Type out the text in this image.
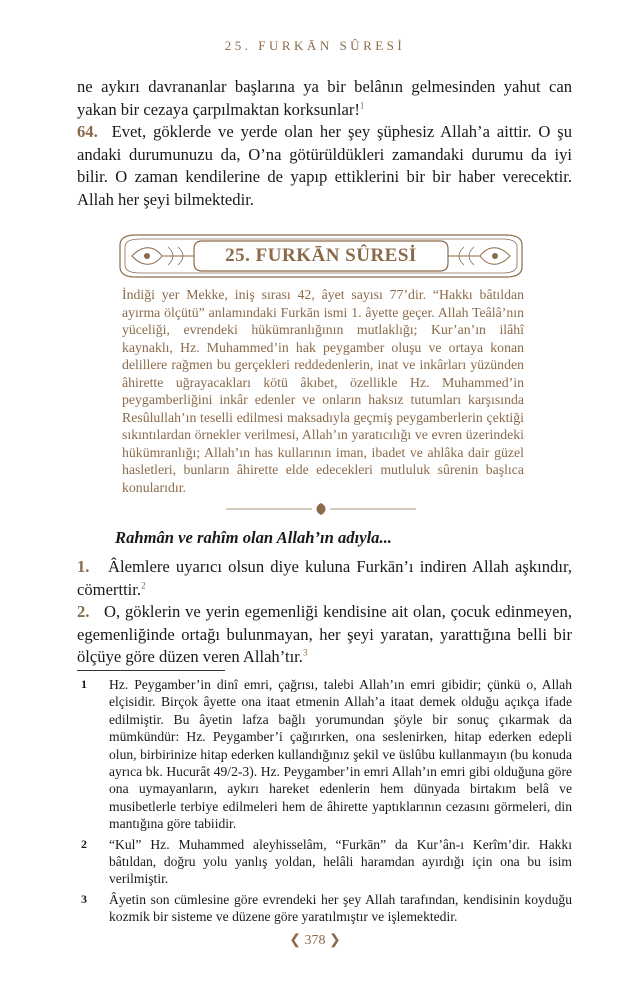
25. FURKĀN SÛRESİ

ne aykırı davrananlar başlarına ya bir belânın gelmesinden yahut can yakan bir cezaya çarpılmaktan korksunlar!$^1$

64. Evet, göklerde ve yerde olan her şey şüphesiz Allah’a aittir. O şu andaki durumunuzu da, O’na götürüldükleri zamandaki durumu da iyi bilir. O zaman kendilerine de yapıp ettiklerini bir bir haber verecektir. Allah her şeyi bilmektedir.

25. FURKĀN SÛRESİ

İndiği yer Mekke, iniş sırası 42, âyet sayısı 77’dir. “Hakkı bâtıldan ayırma ölçütü” anlamındaki Furkān ismi 1. âyette geçer. Allah Teâlâ’nın yüceliği, evrendeki hükümranlığının mutlaklığı; Kur’an’ın ilâhî kaynaklı, Hz. Muhammed’in hak peygamber oluşu ve ortaya konan delillere rağmen bu gerçekleri reddedenlerin, inat ve inkârları yüzünden âhirette uğrayacakları kötü âkıbet, özellikle Hz. Muhammed’in peygamberliğini inkâr edenler ve onların haksız tutumları karşısında Resûlullah’ın teselli edilmesi maksadıyla geçmiş peygamberlerin çektiği sıkıntılardan örnekler verilmesi, Allah’ın yaratıcılığı ve evren üzerindeki hükümranlığı; Allah’ın has kullarının iman, ibadet ve ahlâka dair güzel hasletleri, bunların âhirette elde edecekleri mutluluk sûrenin başlıca konularıdır.

Rahmân ve rahîm olan Allah’ın adıyla...

1. Âlemlere uyarıcı olsun diye kuluna Furkān’ı indiren Allah aşkındır, cömerttir.$^2$

2. O, göklerin ve yerin egemenliği kendisine ait olan, çocuk edinmeyen, egemenliğinde ortağı bulunmayan, her şeyi yaratan, yarattığına belli bir ölçüye göre düzen veren Allah’tır.$^3$

1	Hz. Peygamber’in dinî emri, çağrısı, talebi Allah’ın emri gibidir; çünkü o, Allah elçisidir. Birçok âyette ona itaat etmenin Allah’a itaat demek olduğu açıkça ifade edilmiştir. Bu âyetin lafza bağlı yorumundan şöyle bir sonuç çıkarmak da mümkündür: Hz. Peygamber’i çağırırken, ona seslenirken, hitap ederken edepli olun, birbirinize hitap ederken kullandığınız şekil ve üslûbu kullanmayın (bu konuda ayrıca bk. Hucurât 49/2-3). Hz. Peygamber’in emri Allah’ın emri gibi olduğuna göre ona uymayanların, aykırı hareket edenlerin hem dünyada birtakım belâ ve musibetlerle terbiye edilmeleri hem de âhirette yaptıklarının cezasını görmeleri, din mantığına göre tabiidir.
2	“Kul” Hz. Muhammed aleyhisselâm, “Furkān” da Kur’ân-ı Kerîm’dir. Hakkı bâtıldan, doğru yolu yanlış yoldan, helâli haramdan ayırdığı için ona bu isim verilmiştir.
3	Âyetin son cümlesine göre evrendeki her şey Allah tarafından, kendisinin koyduğu kozmik bir sisteme ve düzene göre yaratılmıştır ve işlemektedir.
❮ 378 ❯
